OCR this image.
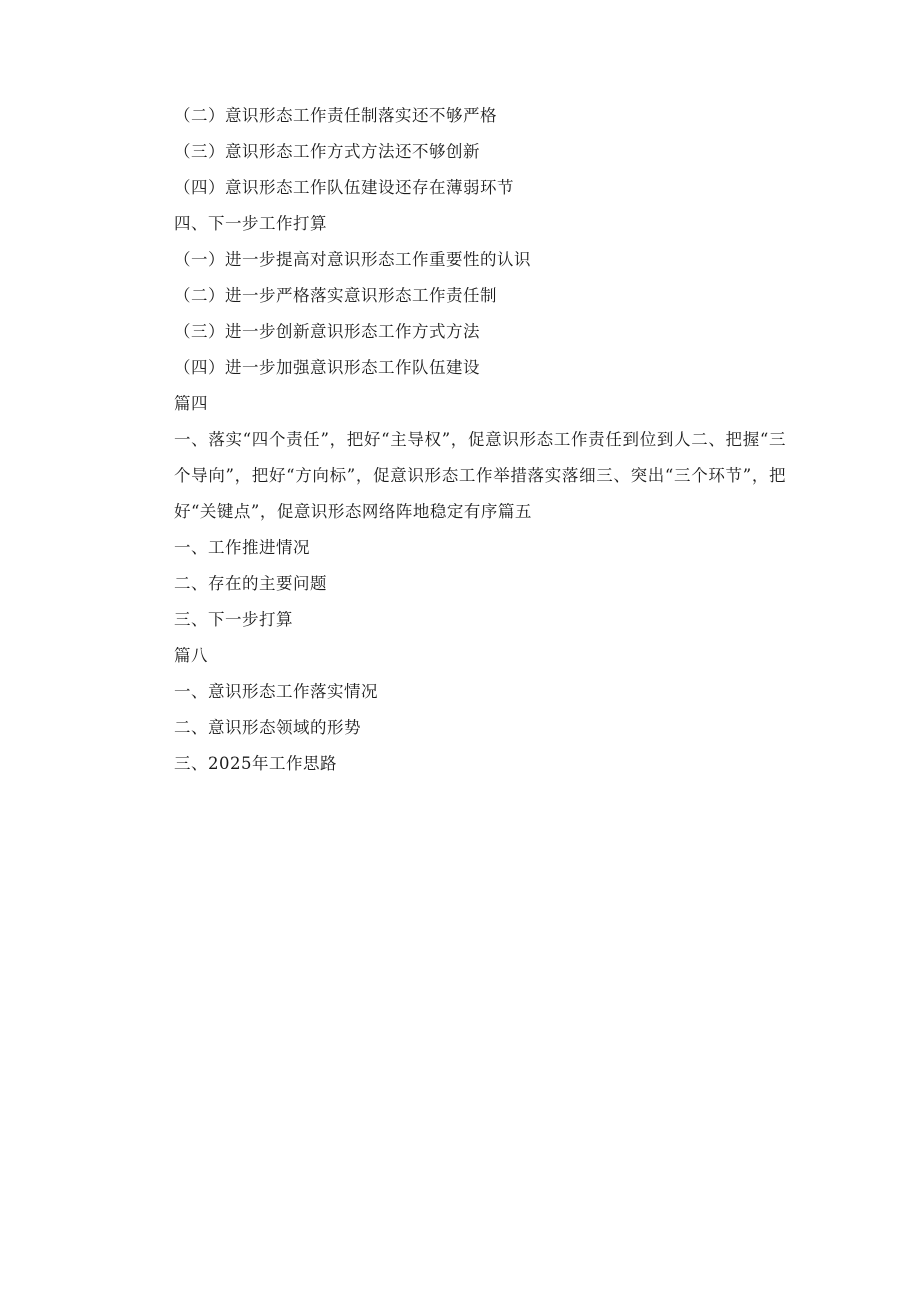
（二）意识形态工作责任制落实还不够严格
（三）意识形态工作方式方法还不够创新
（四）意识形态工作队伍建设还存在薄弱环节
四、下一步工作打算
（一）进一步提高对意识形态工作重要性的认识
（二）进一步严格落实意识形态工作责任制
（三）进一步创新意识形态工作方式方法
（四）进一步加强意识形态工作队伍建设
篇四
一、落实“四个责任”，把好“主导权”，促意识形态工作责任到位到人二、把握“三个导向”，把好“方向标”，促意识形态工作举措落实落细三、突出“三个环节”，把好“关键点”，促意识形态网络阵地稳定有序篇五
一、工作推进情况
二、存在的主要问题
三、下一步打算
篇八
一、意识形态工作落实情况
二、意识形态领域的形势
三、2025年工作思路
